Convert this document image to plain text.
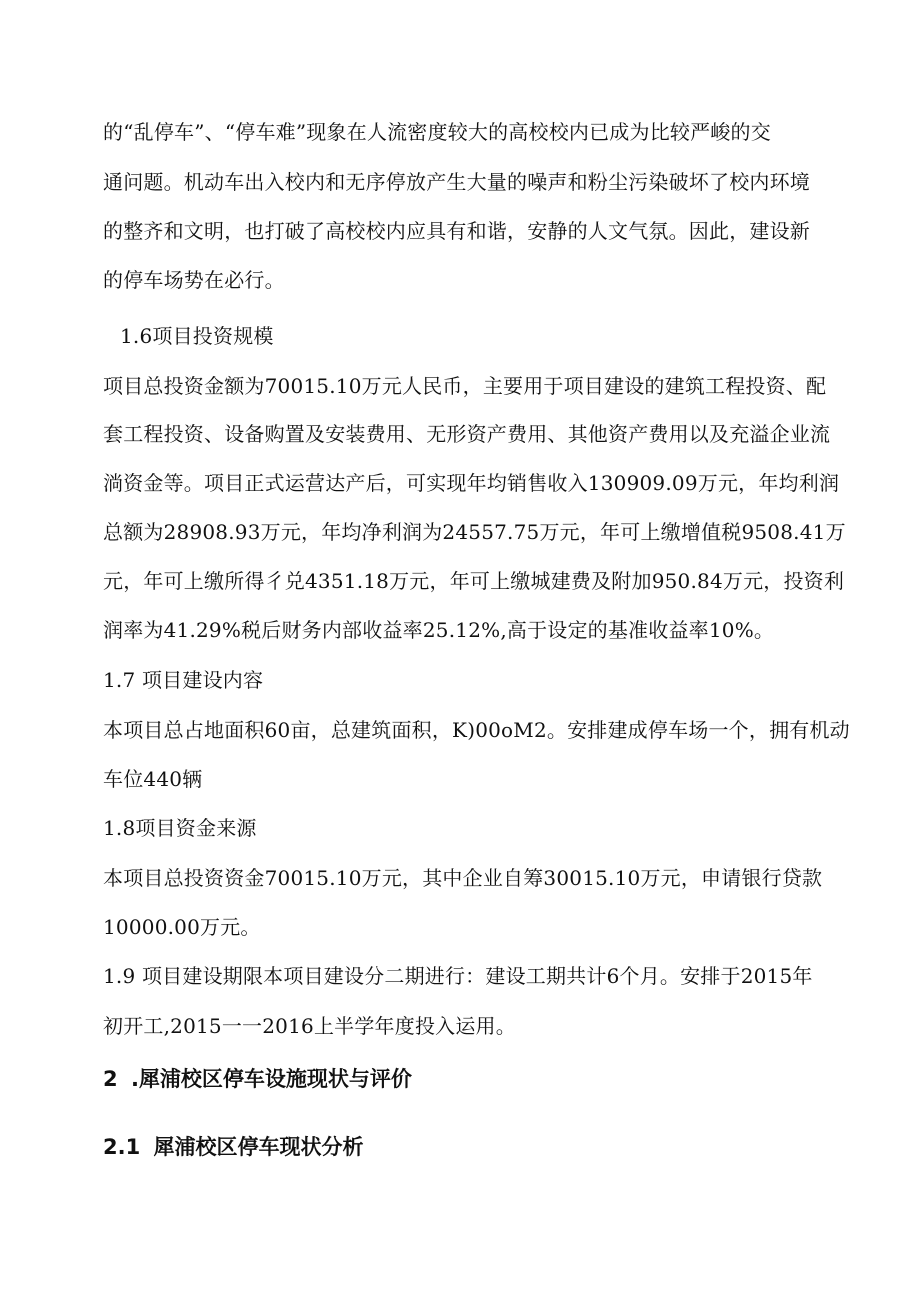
的“乱停车”、“停车难”现象在人流密度较大的高校校内已成为比较严峻的交
通问题。机动车出入校内和无序停放产生大量的噪声和粉尘污染破坏了校内环境
的整齐和文明，也打破了高校校内应具有和谐，安静的人文气氛。因此，建设新
的停车场势在必行。
1.6项目投资规模
项目总投资金额为70015.10万元人民币，主要用于项目建设的建筑工程投资、配
套工程投资、设备购置及安装费用、无形资产费用、其他资产费用以及充溢企业流
淌资金等。项目正式运营达产后，可实现年均销售收入130909.09万元，年均利润
总额为28908.93万元，年均净利润为24557.75万元，年可上缴增值税9508.41万
元，年可上缴所得彳兑4351.18万元，年可上缴城建费及附加950.84万元，投资利
润率为41.29%税后财务内部收益率25.12%,高于设定的基准收益率10%。
1.7 项目建设内容
本项目总占地面积60亩，总建筑面积，K)00oM2。安排建成停车场一个，拥有机动
车位440辆
1.8项目资金来源
本项目总投资资金70015.10万元，其中企业自筹30015.10万元，申请银行贷款
10000.00万元。
1.9 项目建设期限本项目建设分二期进行：建设工期共计6个月。安排于2015年
初开工,2015一一2016上半学年度投入运用。
2 .犀浦校区停车设施现状与评价
2.1 犀浦校区停车现状分析
